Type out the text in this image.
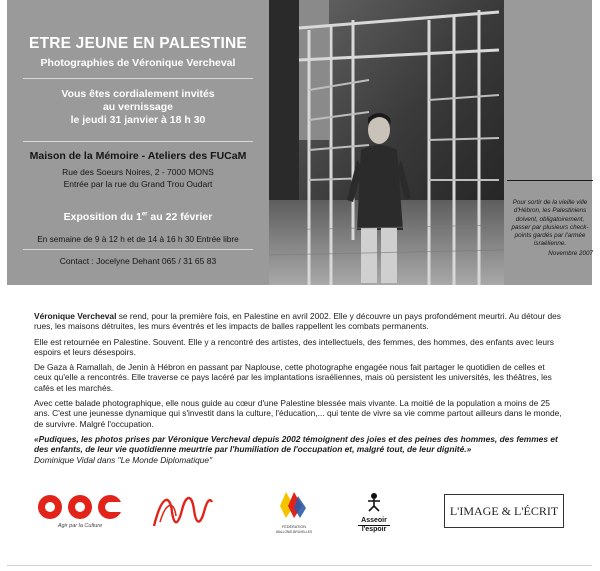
ETRE JEUNE EN PALESTINE
Photographies de Véronique Vercheval
Vous êtes cordialement invités
au vernissage
le jeudi 31 janvier à 18 h 30
Maison de la Mémoire - Ateliers des FUCaM
Rue des Soeurs Noires, 2 - 7000 MONS
Entrée par la rue du Grand Trou Oudart
Exposition du 1er au 22 février
En semaine de 9 à 12 h et de 14 à 16 h 30 Entrée libre
Contact : Jocelyne Dehant 065 / 31 65 83
Pour sortir de la vieille ville d'Hébron, les Palestiniens doivent, obligatoirement, passer par plusieurs check-points gardés par l'armée israélienne.
Novembre 2007

Véronique Vercheval se rend, pour la première fois, en Palestine en avril 2002. Elle y découvre un pays profondément meurtri. Au détour des rues, les maisons détruites, les murs éventrés et les impacts de balles rappellent les combats permanents.

Elle est retournée en Palestine. Souvent. Elle y a rencontré des artistes, des intellectuels, des femmes, des hommes, des enfants avec leurs espoirs et leurs désespoirs.

De Gaza à Ramallah, de Jenin à Hébron en passant par Naplouse, cette photographe engagée nous fait partager le quotidien de celles et ceux qu'elle a rencontrés. Elle traverse ce pays lacéré par les implantations israéliennes, mais où persistent les universités, les théâtres, les cafés et les marchés.

Avec cette balade photographique, elle nous guide au cœur d'une Palestine blessée mais vivante. La moitié de la population a moins de 25 ans. C'est une jeunesse dynamique qui s'investit dans la culture, l'éducation,... qui tente de vivre sa vie comme partout ailleurs dans le monde, de survivre. Malgré l'occupation.

«Pudiques, les photos prises par Véronique Vercheval depuis 2002 témoignent des joies et des peines des hommes, des femmes et des enfants, de leur vie quotidienne meurtrie par l'humiliation de l'occupation et, malgré tout, de leur dignité.»

Dominique Vidal dans "Le Monde Diplomatique"

Agir par la Culture	FÉDÉRATION
WALLONIE-BRUXELLES
Asseoir
l'espoir
L'IMAGE & L'ÉCRIT
